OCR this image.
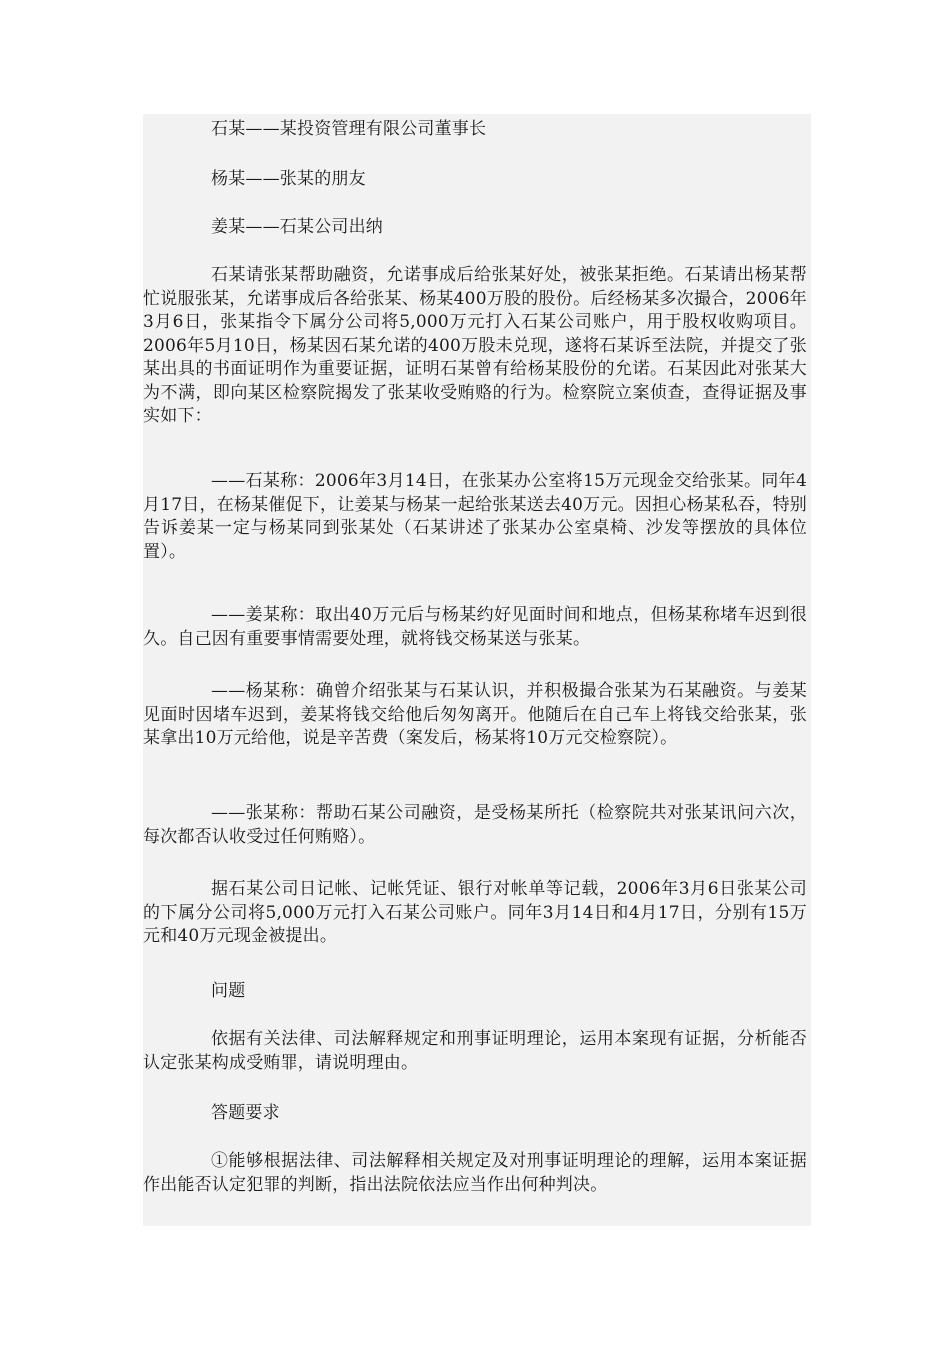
石某——某投资管理有限公司董事长

杨某——张某的朋友

姜某——石某公司出纳

石某请张某帮助融资，允诺事成后给张某好处，被张某拒绝。石某请出杨某帮忙说服张某，允诺事成后各给张某、杨某400万股的股份。后经杨某多次撮合，2006年3月6日，张某指令下属分公司将5,000万元打入石某公司账户，用于股权收购项目。2006年5月10日，杨某因石某允诺的400万股未兑现，遂将石某诉至法院，并提交了张某出具的书面证明作为重要证据，证明石某曾有给杨某股份的允诺。石某因此对张某大为不满，即向某区检察院揭发了张某收受贿赂的行为。检察院立案侦查，查得证据及事实如下：

——石某称：2006年3月14日，在张某办公室将15万元现金交给张某。同年4月17日，在杨某催促下，让姜某与杨某一起给张某送去40万元。因担心杨某私吞，特别告诉姜某一定与杨某同到张某处（石某讲述了张某办公室桌椅、沙发等摆放的具体位置）。

——姜某称：取出40万元后与杨某约好见面时间和地点，但杨某称堵车迟到很久。自己因有重要事情需要处理，就将钱交杨某送与张某。

——杨某称：确曾介绍张某与石某认识，并积极撮合张某为石某融资。与姜某见面时因堵车迟到，姜某将钱交给他后匆匆离开。他随后在自己车上将钱交给张某，张某拿出10万元给他，说是辛苦费（案发后，杨某将10万元交检察院）。

——张某称：帮助石某公司融资，是受杨某所托（检察院共对张某讯问六次，每次都否认收受过任何贿赂）。

据石某公司日记帐、记帐凭证、银行对帐单等记载，2006年3月6日张某公司的下属分公司将5,000万元打入石某公司账户。同年3月14日和4月17日，分别有15万元和40万元现金被提出。

问题

依据有关法律、司法解释规定和刑事证明理论，运用本案现有证据，分析能否认定张某构成受贿罪，请说明理由。

答题要求

①能够根据法律、司法解释相关规定及对刑事证明理论的理解，运用本案证据作出能否认定犯罪的判断，指出法院依法应当作出何种判决。
